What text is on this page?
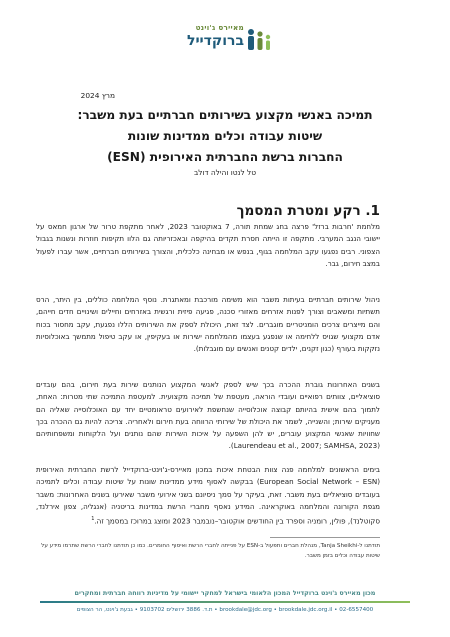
מאיירס ג'וינט
ברוקדייל
מרץ 2024
תמיכה באנשי מקצוע בשירותים חברתיים בעת משבר:
שיטות עבודה וכלים ממדינות שונות
החברות ברשת החברתית האירופית (ESN)
טל לנטו והילה דולב
1. רקע ומטרת המסמך

מלחמת 'חרבות ברזל' פרצה בחג שמחת תורה, 7 באוקטובר 2023, לאחר מתקפת טרור של ארגון חמאס על יישובי הנגב המערבי. מתקפה זו הייתה חסרת תקדים בהיקפה ובאכזריותה גם הלוו תקיפות חוזרות ונשנות בגבול הצפוני. רבים נפגעו עקב המלחמה בגוף, בנפש או מבחינה כלכלית, והצורך בשירותים חברתיים, אשר עברו לפעול במצב חירום, גבר.

ניהול שירותים חברתיים בעיתות משבר הוא משימה מורכבת ומאתגרת. נוסף המלחמה כוללים, בין היתר, הרס תשתיות ומשאבים וצורך לפנות אזרחים מאזורי סכנה, פגיעה פיזית ורגשית באזרחים וחיילים ושינויים חדים חייהם, והם מייצרים צרכים הומניטריים מוגברים. לצד זאת, היכולת לספק את השירותים הללו נפגעת, עקב מחסור בכוח אדם מקצועי שגויס ללחימה או שנפגע בעצמו מהמלחמה ישירות או בעקיפין, או עקב טיפול מתמשך באוכלוסיות נזקקות בעורף (כגון זקנים, ילדים קטנים ואנשים עם מוגבלות).

בשנים האחרונות גוברת ההכרה בכך שיש לספק לאנשי המקצוע הנותנים שירות בעת חירום, בהם עובדים סוציאליים, צוותים רפואיים ועובדי הוראה, מעטפת של תמיכה מקצועית. למעטפת התמיכה שתי מטרות: האחת, לתמוך בהם אישית בהיותם קבוצה אוכלוסייה שנחשפת לאירועים טראומטיים יחד עם האוכלוסייה שאליה הם מעניקים שירות; והשנייה, לשמר את היכולת של שירותי הרווחה בעת חירום ולאחריה. צריכה להיות גם ההכרה בכך שחוויות שאנשי המקצוע עוברים, יש להן השפעה על איכות השירות שהם נותנים ועל הלקוחות ומשפחותיהם (Laurendeau et al., 2007; SAMHSA, 2023).

בימים הראשונים למלחמה פנה צוות הבטחת איכות במכון מאיירס-ג'וינט-ברוקדייל לרשת החברתית האירופית (European Social Network – ESN) בבקשה לאסוף מידע ממדינות שונות על שיטות עבודה וכלים לתמיכה בעובדים סוציאליים בעת משבר. זאת, בעיקר על סמך ניסיונם בשני אירועי משבר שאירעו בשנים האחרונות: משבר מגפת הקורונה והמלחמה באוקראינה. המידע נאסף מחברי הרשת במדינות בריטניה (אנגליה, צפון אירלנד, סקוטלנד), פולין, רומניה וספרד בין החודשים אוקטובר–נובמבר 2023 ומוצג במרוכז במסמך זה.$^1$

תודתנו ל-Tanja Sheikhi, מנהלת חברים ותפעול ב-ESN על פנייתה לחברי הרשת ואיסוף החומרים. כמו כן תודתנו לחברי הרשת שתרמו מידע על שיטות עבודה וכלים בזמן משבר.
מכון מאיירס ג'וינט ברוקדייל המכון הלאומי בישראל למחקר יישומי על מדיניות רווחה חברתית ומחקרים
brookdale@jdc.org • brookdale.jdc.org.il • 02-6557400 • ת.ד. 3886 ירושלים 9103702 • גבעת ג'וינט, הר הצופים
